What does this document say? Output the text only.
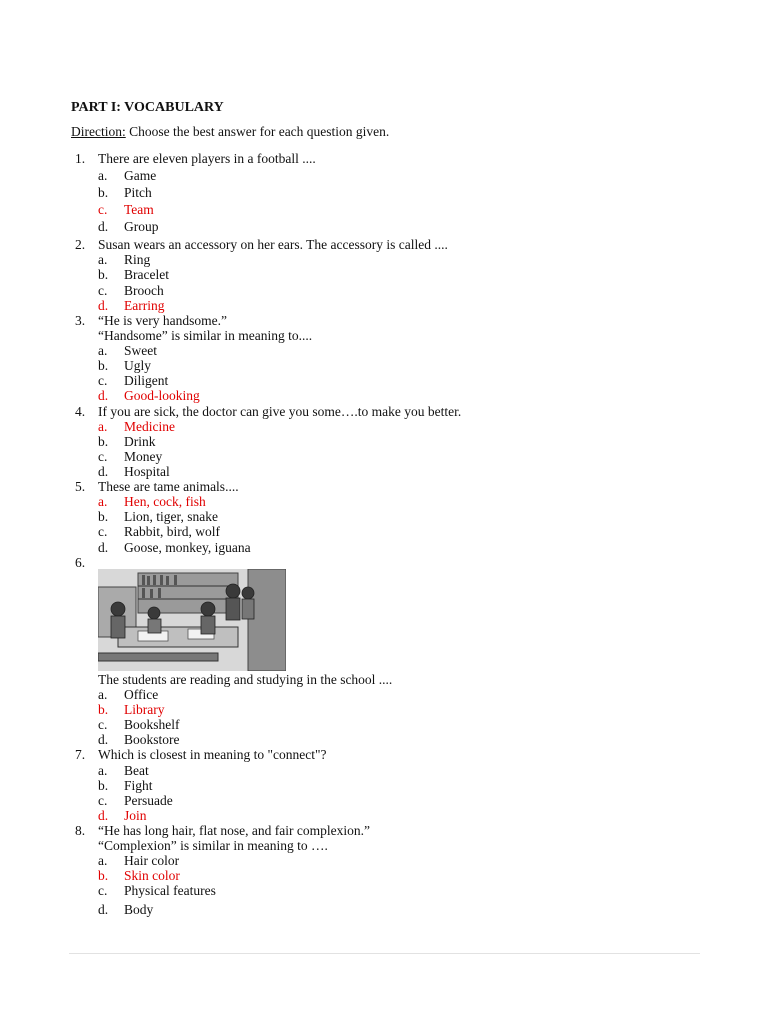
PART I: VOCABULARY
Direction: Choose the best answer for each question given.
1. There are eleven players in a football ....
a.	Game
b.	Pitch
c.	Team
d.	Group
2. Susan wears an accessory on her ears. The accessory is called ....
a.	Ring
b.	Bracelet
c.	Brooch
d.	Earring
3. “He is very handsome.”
“Handsome” is similar in meaning to....
a.	Sweet
b.	Ugly
c.	Diligent
d.	Good-looking
4. If you are sick, the doctor can give you some….to make you better.
a.	Medicine
b.	Drink
c.	Money
d.	Hospital
5. These are tame animals....
a.	Hen, cock, fish
b.	Lion, tiger, snake
c.	Rabbit, bird, wolf
d.	Goose, monkey, iguana
6.
The students are reading and studying in the school ....
a.	Office
b.	Library
c.	Bookshelf
d.	Bookstore
7. Which is closest in meaning to "connect"?
a.	Beat
b.	Fight
c.	Persuade
d.	Join
8. “He has long hair, flat nose, and fair complexion.”
“Complexion” is similar in meaning to ….
a.	Hair color
b.	Skin color
c.	Physical features
d.	Body
